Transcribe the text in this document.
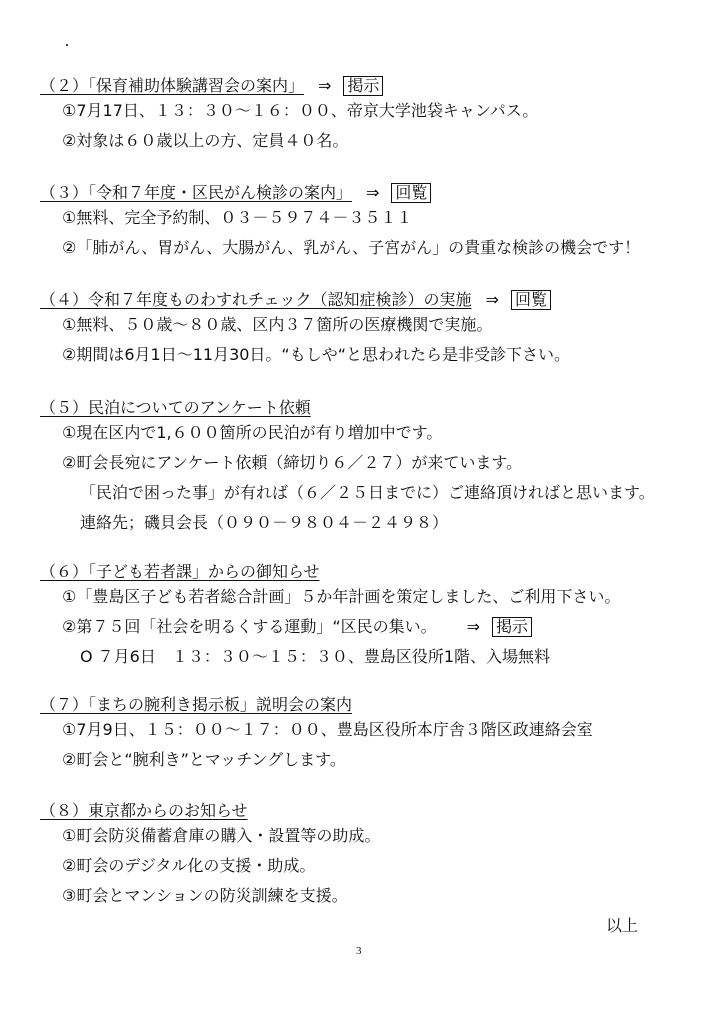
（２）「保育補助体験講習会の案内」 ⇒ 掲示
①7月17日、１３：３０～１６：００、帝京大学池袋キャンパス。
②対象は６０歳以上の方、定員４０名。
（３）「令和７年度・区民がん検診の案内」 ⇒ 回覧
①無料、完全予約制、０３－５９７４－３５１１
②「肺がん、胃がん、大腸がん、乳がん、子宮がん」の貴重な検診の機会です！
（４）令和７年度ものわすれチェック（認知症検診）の実施 ⇒ 回覧
①無料、５０歳～８０歳、区内３７箇所の医療機関で実施。
②期間は6月1日～11月30日。“もしや“と思われたら是非受診下さい。
（５）民泊についてのアンケート依頼
①現在区内で1,６００箇所の民泊が有り増加中です。
②町会長宛にアンケート依頼（締切り６／２７）が来ています。
「民泊で困った事」が有れば（６／２５日までに）ご連絡頂ければと思います。
連絡先；磯貝会長（０９０－９８０４－２４９８）
（６）「子ども若者課」からの御知らせ
①「豊島区子ども若者総合計画」５か年計画を策定しました、ご利用下さい。
②第７５回「社会を明るくする運動」“区民の集い。 ⇒ 掲示
O ７月6日　１３：３０～１５：３０、豊島区役所1階、入場無料
（７）「まちの腕利き掲示板」説明会の案内
①7月9日、１５：００～１７：００、豊島区役所本庁舎３階区政連絡会室
②町会と“腕利き”とマッチングします。
（８）東京都からのお知らせ
①町会防災備蓄倉庫の購入・設置等の助成。
②町会のデジタル化の支援・助成。
③町会とマンションの防災訓練を支援。
以上
3
